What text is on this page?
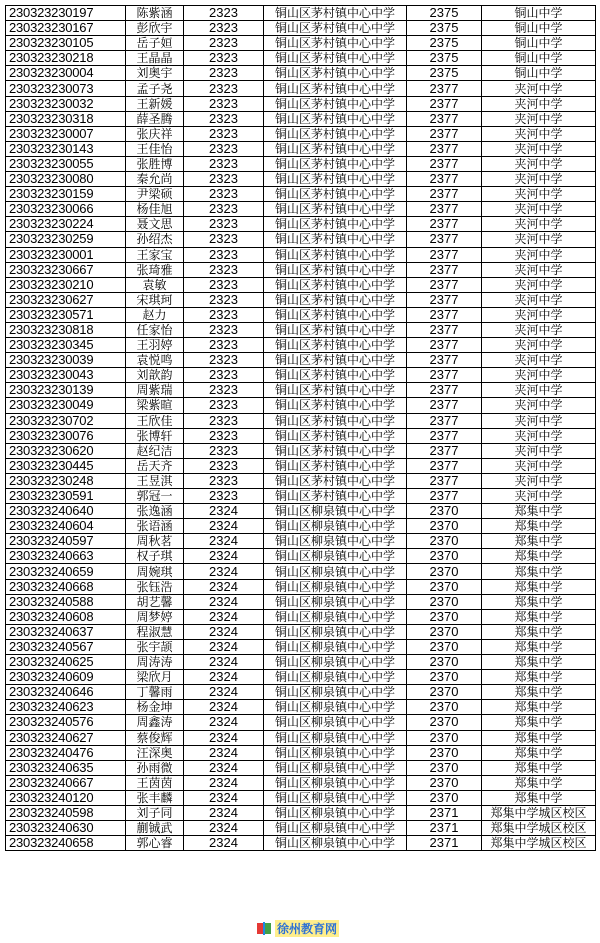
230323230197	陈紫涵	2323	铜山区茅村镇中心中学	2375	铜山中学
230323230167	彭欣宇	2323	铜山区茅村镇中心中学	2375	铜山中学
230323230105	岳子姮	2323	铜山区茅村镇中心中学	2375	铜山中学
230323230218	王晶晶	2323	铜山区茅村镇中心中学	2375	铜山中学
230323230004	刘奥宇	2323	铜山区茅村镇中心中学	2375	铜山中学
230323230073	孟子尧	2323	铜山区茅村镇中心中学	2377	夹河中学
230323230032	王新媛	2323	铜山区茅村镇中心中学	2377	夹河中学
230323230318	薛圣腾	2323	铜山区茅村镇中心中学	2377	夹河中学
230323230007	张庆祥	2323	铜山区茅村镇中心中学	2377	夹河中学
230323230143	王佳怡	2323	铜山区茅村镇中心中学	2377	夹河中学
230323230055	张胜博	2323	铜山区茅村镇中心中学	2377	夹河中学
230323230080	秦允尚	2323	铜山区茅村镇中心中学	2377	夹河中学
230323230159	尹梁硕	2323	铜山区茅村镇中心中学	2377	夹河中学
230323230066	杨佳旭	2323	铜山区茅村镇中心中学	2377	夹河中学
230323230224	聂文思	2323	铜山区茅村镇中心中学	2377	夹河中学
230323230259	孙绍杰	2323	铜山区茅村镇中心中学	2377	夹河中学
230323230001	王家宝	2323	铜山区茅村镇中心中学	2377	夹河中学
230323230667	张琦雅	2323	铜山区茅村镇中心中学	2377	夹河中学
230323230210	袁敏	2323	铜山区茅村镇中心中学	2377	夹河中学
230323230627	宋琪珂	2323	铜山区茅村镇中心中学	2377	夹河中学
230323230571	赵力	2323	铜山区茅村镇中心中学	2377	夹河中学
230323230818	任家怡	2323	铜山区茅村镇中心中学	2377	夹河中学
230323230345	王羽婷	2323	铜山区茅村镇中心中学	2377	夹河中学
230323230039	袁悦鸣	2323	铜山区茅村镇中心中学	2377	夹河中学
230323230043	刘歆韵	2323	铜山区茅村镇中心中学	2377	夹河中学
230323230139	周紫瑞	2323	铜山区茅村镇中心中学	2377	夹河中学
230323230049	梁紫暄	2323	铜山区茅村镇中心中学	2377	夹河中学
230323230702	王欣佳	2323	铜山区茅村镇中心中学	2377	夹河中学
230323230076	张博轩	2323	铜山区茅村镇中心中学	2377	夹河中学
230323230620	赵纪洁	2323	铜山区茅村镇中心中学	2377	夹河中学
230323230445	岳天齐	2323	铜山区茅村镇中心中学	2377	夹河中学
230323230248	王昱淇	2323	铜山区茅村镇中心中学	2377	夹河中学
230323230591	郭冠一	2323	铜山区茅村镇中心中学	2377	夹河中学
230323240640	张逸涵	2324	铜山区柳泉镇中心中学	2370	郑集中学
230323240604	张语涵	2324	铜山区柳泉镇中心中学	2370	郑集中学
230323240597	周秋茗	2324	铜山区柳泉镇中心中学	2370	郑集中学
230323240663	权子琪	2324	铜山区柳泉镇中心中学	2370	郑集中学
230323240659	周婉琪	2324	铜山区柳泉镇中心中学	2370	郑集中学
230323240668	张钰浩	2324	铜山区柳泉镇中心中学	2370	郑集中学
230323240588	胡艺馨	2324	铜山区柳泉镇中心中学	2370	郑集中学
230323240608	周梦婷	2324	铜山区柳泉镇中心中学	2370	郑集中学
230323240637	程淑慧	2324	铜山区柳泉镇中心中学	2370	郑集中学
230323240567	张宇颉	2324	铜山区柳泉镇中心中学	2370	郑集中学
230323240625	周涛涛	2324	铜山区柳泉镇中心中学	2370	郑集中学
230323240609	梁欣月	2324	铜山区柳泉镇中心中学	2370	郑集中学
230323240646	丁馨雨	2324	铜山区柳泉镇中心中学	2370	郑集中学
230323240623	杨金坤	2324	铜山区柳泉镇中心中学	2370	郑集中学
230323240576	周鑫涛	2324	铜山区柳泉镇中心中学	2370	郑集中学
230323240627	蔡俊辉	2324	铜山区柳泉镇中心中学	2370	郑集中学
230323240476	汪深奥	2324	铜山区柳泉镇中心中学	2370	郑集中学
230323240635	孙雨微	2324	铜山区柳泉镇中心中学	2370	郑集中学
230323240667	王茵茵	2324	铜山区柳泉镇中心中学	2370	郑集中学
230323240120	张丰麟	2324	铜山区柳泉镇中心中学	2370	郑集中学
230323240598	刘子同	2324	铜山区柳泉镇中心中学	2371	郑集中学城区校区
230323240630	蒯铖武	2324	铜山区柳泉镇中心中学	2371	郑集中学城区校区
230323240658	郭心睿	2324	铜山区柳泉镇中心中学	2371	郑集中学城区校区
徐州教育网
